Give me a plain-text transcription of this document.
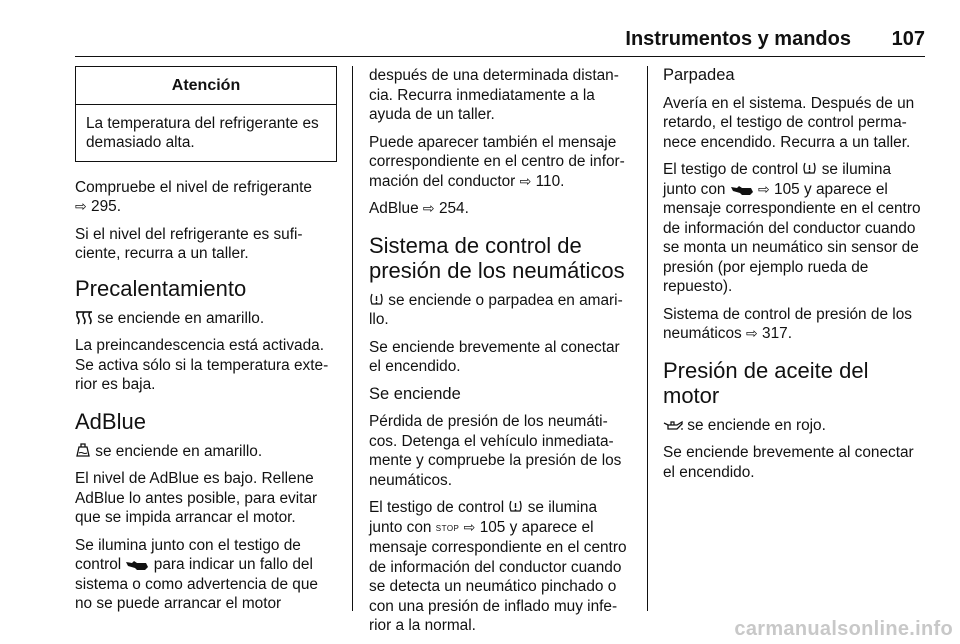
Instrumentos y mandos 107
Atención
La temperatura del refrigerante es
demasiado alta.

Compruebe el nivel de refrigerante
⇨ 295.

Si el nivel del refrigerante es sufi-
ciente, recurra a un taller.

Precalentamiento

se enciende en amarillo.

La preincandescencia está activada.
Se activa sólo si la temperatura exte-
rior es baja.

AdBlue

se enciende en amarillo.

El nivel de AdBlue es bajo. Rellene
AdBlue lo antes posible, para evitar
que se impida arrancar el motor.

Se ilumina junto con el testigo de
control para indicar un fallo del
sistema o como advertencia de que
no se puede arrancar el motor

después de una determinada distan-
cia. Recurra inmediatamente a la
ayuda de un taller.

Puede aparecer también el mensaje
correspondiente en el centro de infor-
mación del conductor ⇨ 110.

AdBlue ⇨ 254.

Sistema de control de
presión de los neumáticos

se enciende o parpadea en amari-
llo.

Se enciende brevemente al conectar
el encendido.

Se enciende

Pérdida de presión de los neumáti-
cos. Detenga el vehículo inmediata-
mente y compruebe la presión de los
neumáticos.

El testigo de control se ilumina
junto con STOP ⇨ 105 y aparece el
mensaje correspondiente en el centro
de información del conductor cuando
se detecta un neumático pinchado o
con una presión de inflado muy infe-
rior a la normal.

Parpadea

Avería en el sistema. Después de un
retardo, el testigo de control perma-
nece encendido. Recurra a un taller.

El testigo de control se ilumina
junto con ⇨ 105 y aparece el
mensaje correspondiente en el centro
de información del conductor cuando
se monta un neumático sin sensor de
presión (por ejemplo rueda de
repuesto).

Sistema de control de presión de los
neumáticos ⇨ 317.

Presión de aceite del motor

se enciende en rojo.

Se enciende brevemente al conectar
el encendido.

carmanualsonline.info
